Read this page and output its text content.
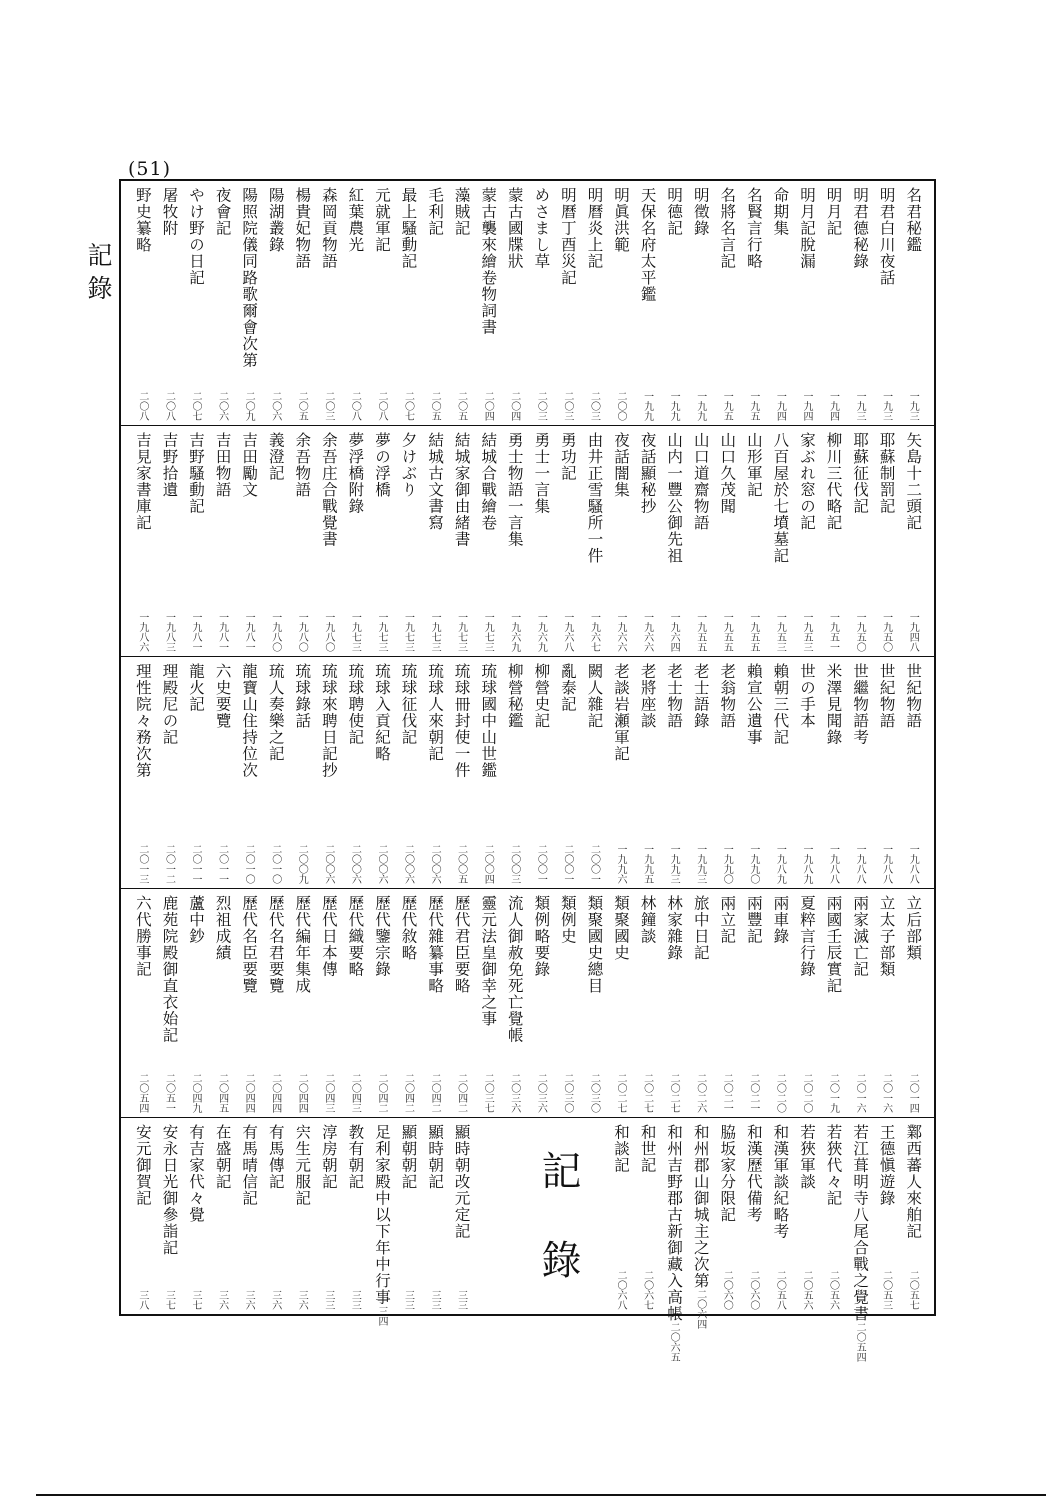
(51)
記錄
名君秘鑑
一九三
明君白川夜話
一九三
明君德秘錄
一九三
明月記
一九四
明月記脫漏
一九四
命期集
一九四
名賢言行略
一九五
名將名言記
一九五
明徵錄
一九九
明德記
一九九
天保名府太平鑑
一九九
明眞洪範
二〇〇
明曆炎上記
二〇三
明曆丁酉災記
二〇三
めさまし草
二〇三
蒙古國牒狀
二〇四
蒙古襲來繪卷物詞書
二〇四
藻賊記
二〇五
毛利記
二〇五
最上騷動記
二〇七
元就軍記
二〇八
紅葉農光
二〇八
森岡貢物語
二〇三
楊貴妃物語
二〇五
陽湖叢錄
二〇六
陽照院儀同路歌爾會次第
二〇九
夜會記
二〇六
やけ野の日記
二〇七
屠牧附
二〇八
野史纂略
二〇八
矢島十二頭記
一九四八
耶蘇制罰記
一九五〇
耶蘇征伐記
一九五〇
柳川三代略記
一九五一
家ぶれ窓の記
一九五三
八百屋於七墳墓記
一九五三
山形軍記
一九五五
山口久茂聞
一九五五
山口道齋物語
一九五五
山内一豐公御先祖
一九六四
夜話顯秘抄
一九六六
夜話闇集
一九六六
由井正雪騷所一件
一九六七
勇功記
一九六八
勇士一言集
一九六九
勇士物語一言集
一九六九
結城合戰繪卷
一九七三
結城家御由緒書
一九七三
結城古文書寫
一九七三
夕けぶり
一九七三
夢の浮橋
一九七三
夢浮橋附錄
一九七三
余吾庄合戰覺書
一九八〇
余吾物語
一九八〇
義澄記
一九八〇
吉田勵文
一九八一
吉田物語
一九八一
吉野騷動記
一九八一
吉野拾遺
一九八三
吉見家書庫記
一九八六
世紀物語
一九八八
世紀物語
一九八八
世繼物語考
一九八八
米澤見聞錄
一九八八
世の手本
一九八九
賴朝三代記
一九八九
賴宣公遺事
一九九〇
老翁物語
一九九〇
老士語錄
一九九三
老士物語
一九九三
老將座談
一九九五
老談岩瀬軍記
一九九六
闕人雜記
二〇〇一
亂泰記
二〇〇一
柳營史記
二〇〇一
柳營秘鑑
二〇〇三
琉球國中山世鑑
二〇〇四
琉球冊封使一件
二〇〇五
琉球人來朝記
二〇〇六
琉球征伐記
二〇〇六
琉球入貢紀略
二〇〇六
琉球聘使記
二〇〇六
琉球來聘日記抄
二〇〇六
琉球錄話
二〇〇九
琉人奏樂之記
二〇一〇
龍寶山住持位次
二〇一〇
六史要覽
二〇一一
龍火記
二〇一一
理殿尼の記
二〇一二
理性院々務次第
二〇一三
立后部類
二〇一四
立太子部類
二〇一六
兩家滅亡記
二〇一六
兩國壬辰實記
二〇一九
夏粹言行錄
二〇二〇
兩車錄
二〇二〇
兩豐記
二〇二一
兩立記
二〇二一
旅中日記
二〇二六
林家雜錄
二〇二七
林鐘談
二〇二七
類聚國史
二〇二七
類聚國史總目
二〇三〇
類例史
二〇三〇
類例略要錄
二〇三六
流人御赦免死亡覺帳
二〇三六
靈元法皇御幸之事
二〇三七
歷代君臣要略
二〇四二
歷代雜纂事略
二〇四二
歷代敘略
二〇四二
歷代鑒宗錄
二〇四二
歷代織要略
二〇四三
歷代日本傳
二〇四三
歷代編年集成
二〇四四
歷代名君要覽
二〇四四
歷代名臣要覽
二〇四四
烈祖成績
二〇四五
蘆中鈔
二〇四九
鹿苑院殿御直衣始記
二〇五一
六代勝事記
二〇五四
鄴西蕃人來舶記
二〇五七
王德愼遊錄
二〇五三
若江葺明寺八尾合戰之覺書
二〇五四
若狹代々記
二〇五六
若狹軍談
二〇五六
和漢軍談紀略考
二〇五八
和漢歷代備考
二〇六〇
脇坂家分限記
二〇六〇
和州郡山御城主之次第
二〇六四
和州吉野郡古新御藏入高帳
二〇六五
和世記
二〇六七
和談記
二〇六八
顯時朝改元定記
三三
顯時朝記
三三
顯朝朝記
三三
足利家殿中以下年中行事
三四
教有朝記
三三
淳房朝記
三三
宍生元服記
三六
有馬傳記
三六
有馬晴信記
三六
在盛朝記
三六
有吉家代々覺
三七
安永日光御參詣記
三七
安元御賀記
三八
記 錄
